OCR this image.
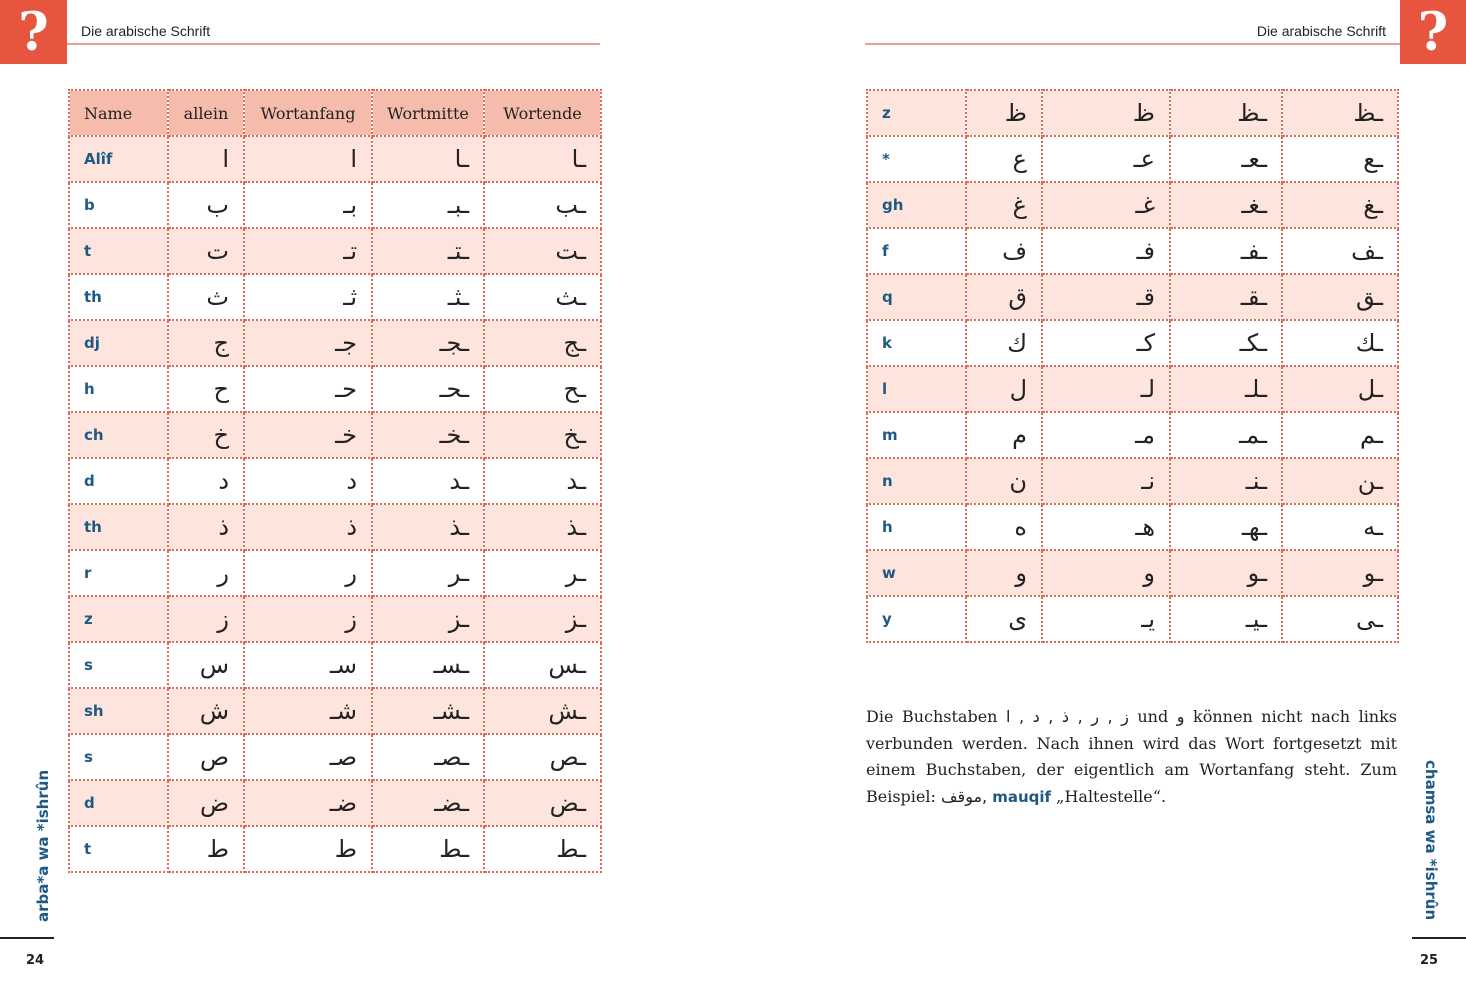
?	Die arabische Schrift	?
Die arabische Schrift
Name	allein	Wortanfang	Wortmitte	Wortende
Alîf	ا	ا	ـا	ـا
b	ب	بـ	ـبـ	ـب
t	ت	تـ	ـتـ	ـت
th	ث	ثـ	ـثـ	ـث
dj	ج	جـ	ـجـ	ـج
h	ح	حـ	ـحـ	ـح
ch	خ	خـ	ـخـ	ـخ
d	د	د	ـد	ـد
th	ذ	ذ	ـذ	ـذ
r	ر	ر	ـر	ـر
z	ز	ز	ـز	ـز
s	س	سـ	ـسـ	ـس
sh	ش	شـ	ـشـ	ـش
s	ص	صـ	ـصـ	ـص
d	ض	ضـ	ـضـ	ـض
t	ط	ط	ـط	ـط
z	ظ	ظ	ـظ	ـظ
*	ع	عـ	ـعـ	ـع
gh	غ	غـ	ـغـ	ـغ
f	ف	فـ	ـفـ	ـف
q	ق	قـ	ـقـ	ـق
k	ك	كـ	ـكـ	ـك
l	ل	لـ	ـلـ	ـل
m	م	مـ	ـمـ	ـم
n	ن	نـ	ـنـ	ـن
h	ه	هـ	ـهـ	ـه
w	و	و	ـو	ـو
y	ى	يـ	ـيـ	ـى
Die Buchstaben ز , ر , ذ , د , ا und و können nicht nach links verbunden werden. Nach ihnen wird das Wort fortgesetzt mit einem Buchstaben, der eigentlich am Wortanfang steht. Zum Beispiel: موقف, mauqif „Haltestelle“.
arba*a wa *ishrûn	chamsa wa *ishrûn
24	25
